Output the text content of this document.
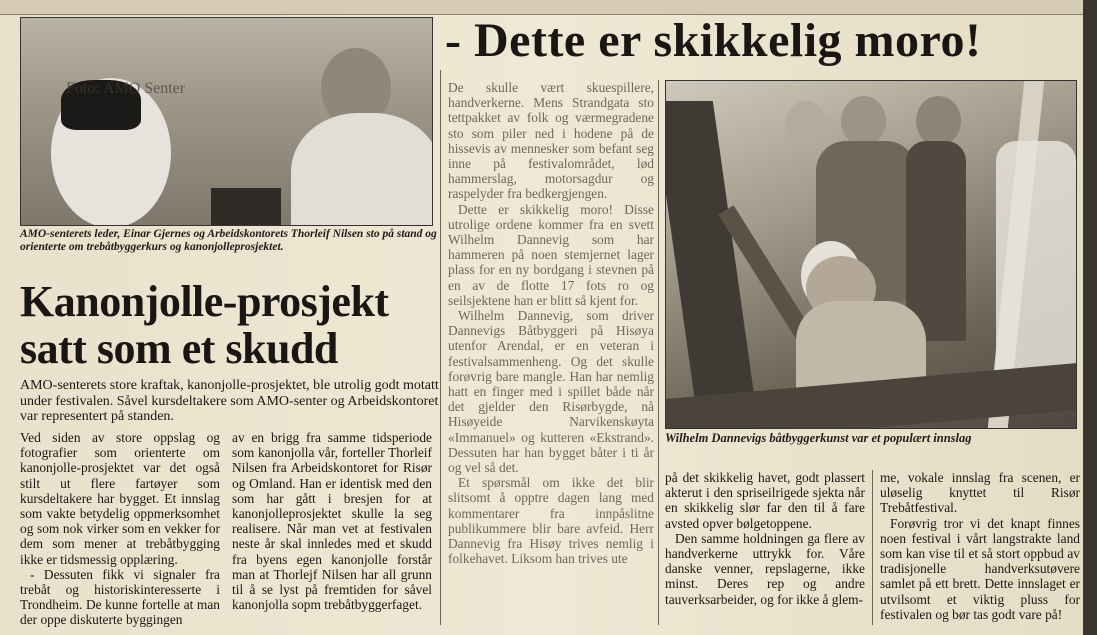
- Dette er skikkelig moro!
Foto: AMO Senter
AMO-senterets leder, Einar Gjernes og Arbeidskontorets Thorleif Nilsen sto på stand og orienterte om trebåtbyggerkurs og kanonjolleprosjektet.
Kanonjolle-prosjekt
satt som et skudd
AMO-senterets store kraftak, kanonjolle-prosjektet, ble utrolig godt motatt under festivalen. Såvel kursdeltakere som AMO-senter og Arbeidskontoret var representert på standen.

Ved siden av store oppslag og fotografier som orienterte om kanonjolle-prosjektet var det også stilt ut flere fartøyer som kursdeltakere har bygget. Et innslag som vakte betydelig oppmerksomhet og som nok virker som en vekker for dem som mener at trebåtbygging ikke er tidsmessig opplæring.

- Dessuten fikk vi signaler fra trebåt og historiskinteresserte i Trondheim. De kunne fortelle at man der oppe diskuterte byggingen

av en brigg fra samme tidsperiode som kanonjolla vår, forteller Thorleif Nilsen fra Arbeidskontoret for Risør og Omland. Han er identisk med den som har gått i bresjen for at kanonjolleprosjektet skulle la seg realisere. Når man vet at festivalen neste år skal innledes med et skudd fra byens egen kanonjolle forstår man at Thorlejf Nilsen har all grunn til å se lyst på fremtiden for såvel kanonjolla sopm trebåtbyggerfaget.

De skulle vært skuespillere, handverkerne. Mens Strandgata sto tettpakket av folk og værmegradene sto som piler ned i hodene på de hissevis av mennesker som befant seg inne på festivalområdet, lød hammerslag, motorsagdur og raspelyder fra bedkergjengen.

Dette er skikkelig moro! Disse utrolige ordene kommer fra en svett Wilhelm Dannevig som har hammeren på noen stemjernet lager plass for en ny bordgang i stevnen på en av de flotte 17 fots ro og seilsjektene han er blitt så kjent for.

Wilhelm Dannevig, som driver Dannevigs Båtbyggeri på Hisøya utenfor Arendal, er en veteran i festivalsammenheng. Og det skulle forøvrig bare mangle. Han har nemlig hatt en finger med i spillet både når det gjelder den Risørbygde, nå Hisøyeide Narvikenskøyta «Immanuel» og kutteren «Ekstrand». Dessuten har han bygget båter i ti år og vel så det.

Et spørsmål om ikke det blir slitsomt å opptre dagen lang med kommentarer fra innpåslitne publikummere blir bare avfeid. Herr Dannevig fra Hisøy trives nemlig i folkehavet. Liksom han trives ute

Wilhelm Dannevigs båtbyggerkunst var et populært innslag

på det skikkelig havet, godt plassert akterut i den spriseilrigede sjekta når en skikkelig slør far den til å fare avsted opver bølgetoppene.

Den samme holdningen ga flere av handverkerne uttrykk for. Våre danske venner, repslagerne, ikke minst. Deres rep og andre tauverksarbeider, og for ikke å glem-

me, vokale innslag fra scenen, er uløselig knyttet til Risør Trebåtfestival.

Forøvrig tror vi det knapt finnes noen festival i vårt langstrakte land som kan vise til et så stort oppbud av tradisjonelle handverksutøvere samlet på ett brett. Dette innslaget er utvilsomt et viktig pluss for festivalen og bør tas godt vare på!
